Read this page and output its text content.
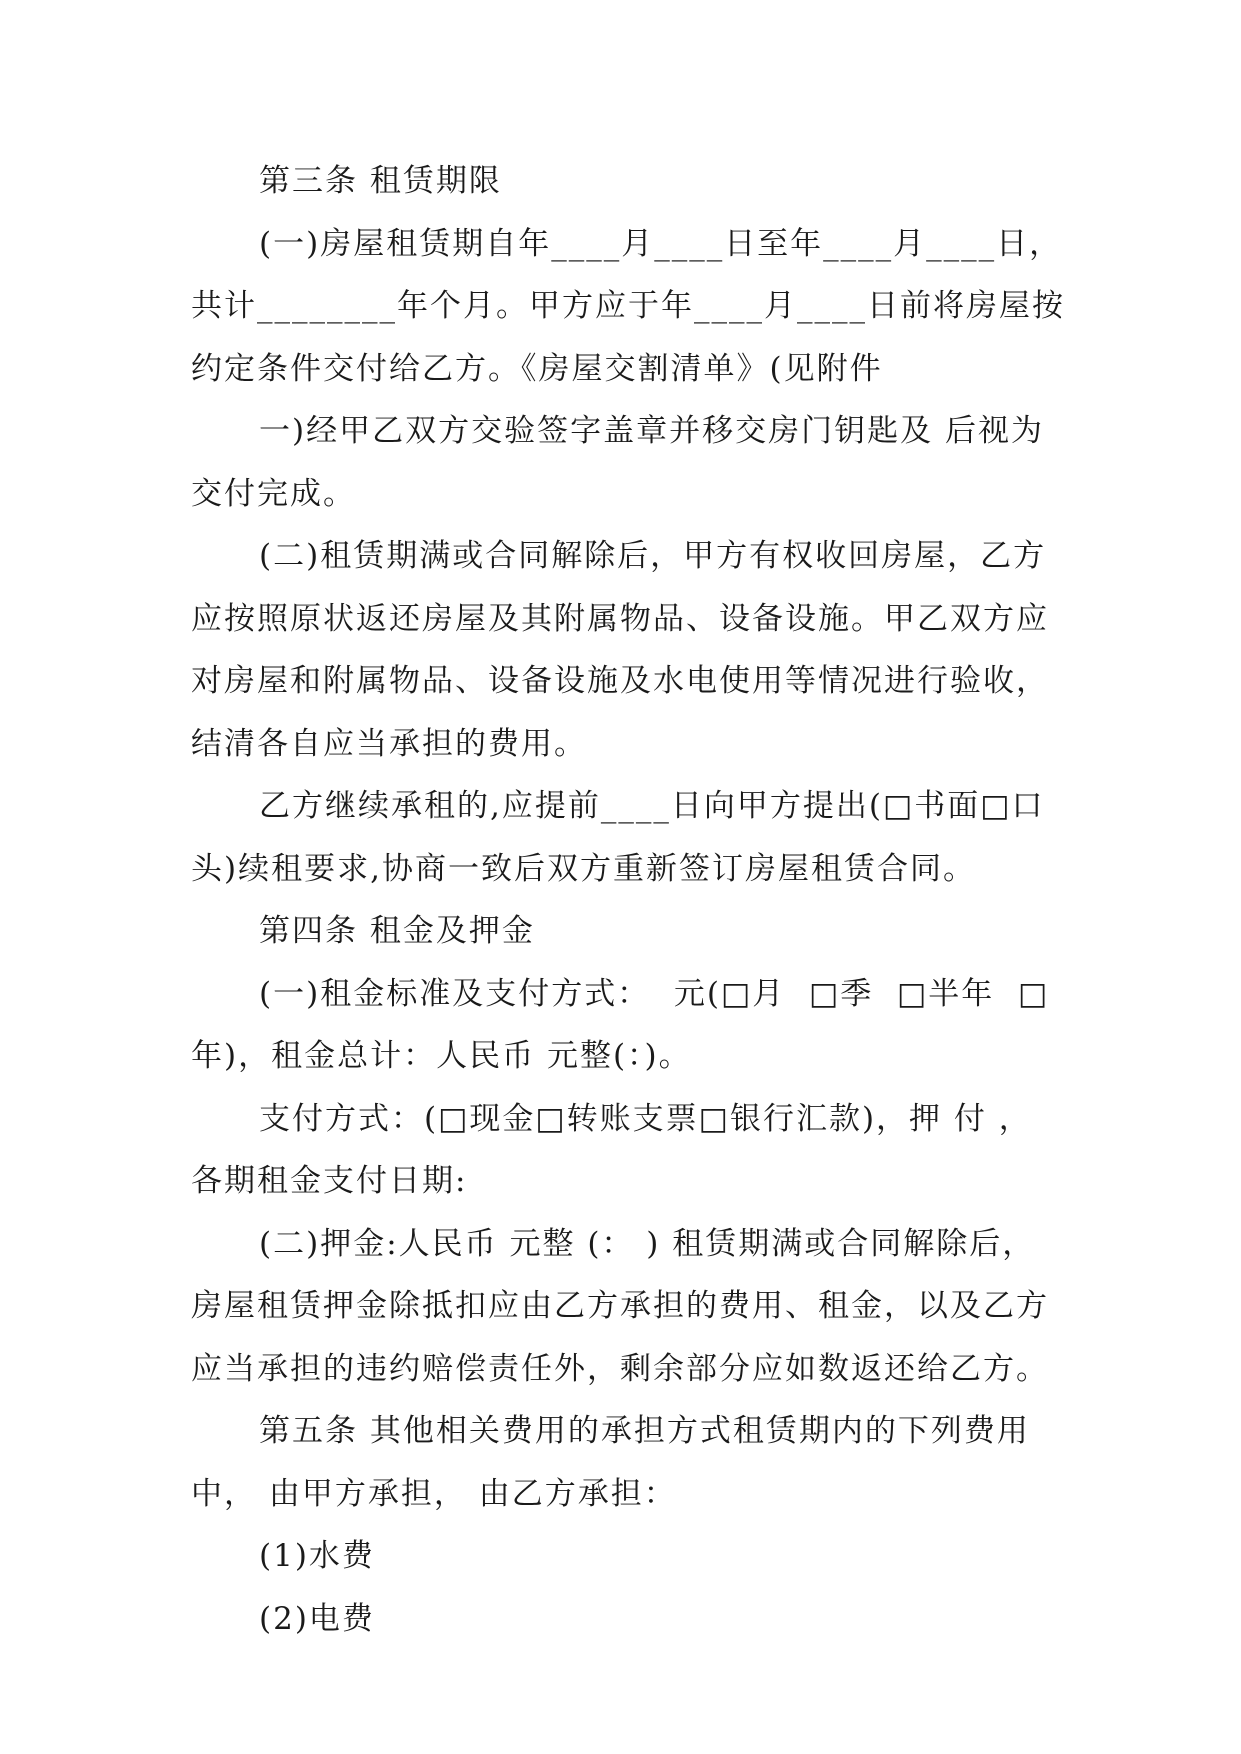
第三条 租赁期限
(一)房屋租赁期自年____月____日至年____月____日，
共计________年个月。甲方应于年____月____日前将房屋按
约定条件交付给乙方。《房屋交割清单》(见附件
一)经甲乙双方交验签字盖章并移交房门钥匙及 后视为
交付完成。
(二)租赁期满或合同解除后，甲方有权收回房屋，乙方
应按照原状返还房屋及其附属物品、设备设施。甲乙双方应
对房屋和附属物品、设备设施及水电使用等情况进行验收，
结清各自应当承担的费用。
乙方继续承租的,应提前____日向甲方提出(□书面□口
头)续租要求,协商一致后双方重新签订房屋租赁合同。
第四条 租金及押金
(一)租金标准及支付方式：  元(□月  □季  □半年  □
年)，租金总计：人民币 元整(：)。
支付方式：(□现金□转账支票□银行汇款)，押 付 ，
各期租金支付日期:
(二)押金:人民币 元整 (： ) 租赁期满或合同解除后，
房屋租赁押金除抵扣应由乙方承担的费用、租金，以及乙方
应当承担的违约赔偿责任外，剩余部分应如数返还给乙方。
第五条 其他相关费用的承担方式租赁期内的下列费用
中， 由甲方承担， 由乙方承担：
(1)水费
(2)电费
